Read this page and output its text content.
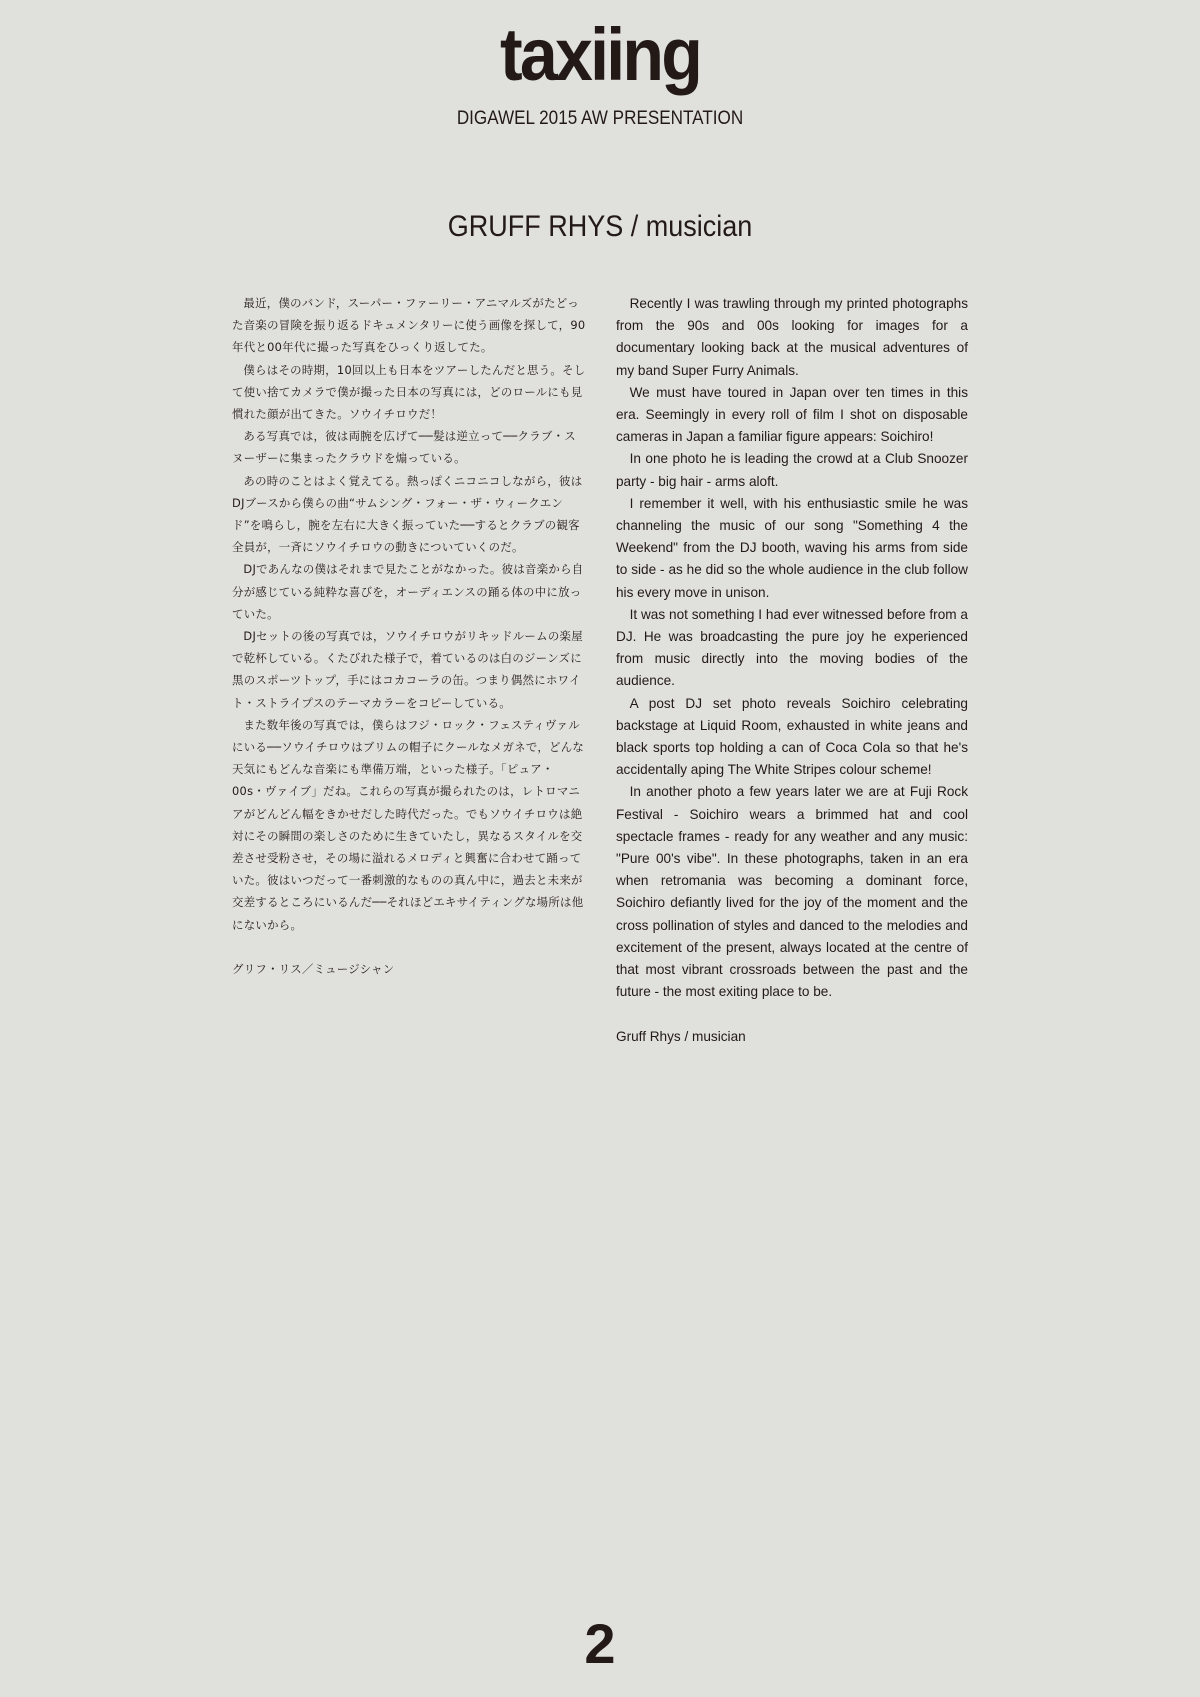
taxiing
DIGAWEL 2015 AW PRESENTATION
GRUFF RHYS / musician

最近，僕のバンド，スーパー・ファーリー・アニマルズがたどった音楽の冒険を振り返るドキュメンタリーに使う画像を探して，90年代と00年代に撮った写真をひっくり返してた。

僕らはその時期，10回以上も日本をツアーしたんだと思う。そして使い捨てカメラで僕が撮った日本の写真には，どのロールにも見慣れた顔が出てきた。ソウイチロウだ！

ある写真では，彼は両腕を広げて──髪は逆立って──クラブ・スヌーザーに集まったクラウドを煽っている。

あの時のことはよく覚えてる。熱っぽくニコニコしながら，彼はDJブースから僕らの曲“サムシング・フォー・ザ・ウィークエンド”を鳴らし，腕を左右に大きく振っていた──するとクラブの観客全員が，一斉にソウイチロウの動きについていくのだ。

DJであんなの僕はそれまで見たことがなかった。彼は音楽から自分が感じている純粋な喜びを，オーディエンスの踊る体の中に放っていた。

DJセットの後の写真では，ソウイチロウがリキッドルームの楽屋で乾杯している。くたびれた様子で，着ているのは白のジーンズに黒のスポーツトップ，手にはコカコーラの缶。つまり偶然にホワイト・ストライプスのテーマカラーをコピーしている。

また数年後の写真では，僕らはフジ・ロック・フェスティヴァルにいる──ソウイチロウはブリムの帽子にクールなメガネで，どんな天気にもどんな音楽にも準備万端，といった様子。「ピュア・00s・ヴァイブ」だね。これらの写真が撮られたのは，レトロマニアがどんどん幅をきかせだした時代だった。でもソウイチロウは絶対にその瞬間の楽しさのために生きていたし，異なるスタイルを交差させ受粉させ，その場に溢れるメロディと興奮に合わせて踊っていた。彼はいつだって一番刺激的なものの真ん中に，過去と未来が交差するところにいるんだ──それほどエキサイティングな場所は他にないから。

グリフ・リス／ミュージシャン

Recently I was trawling through my printed photographs from the 90s and 00s looking for images for a documentary looking back at the musical adventures of my band Super Furry Animals.

We must have toured in Japan over ten times in this era. Seemingly in every roll of film I shot on disposable cameras in Japan a familiar figure appears: Soichiro!

In one photo he is leading the crowd at a Club Snoozer party - big hair - arms aloft.

I remember it well, with his enthusiastic smile he was channeling the music of our song "Something 4 the Weekend" from the DJ booth, waving his arms from side to side - as he did so the whole audience in the club follow his every move in unison.

It was not something I had ever witnessed before from a DJ. He was broadcasting the pure joy he experienced from music directly into the moving bodies of the audience.

A post DJ set photo reveals Soichiro celebrating backstage at Liquid Room, exhausted in white jeans and black sports top holding a can of Coca Cola so that he's accidentally aping The White Stripes colour scheme!

In another photo a few years later we are at Fuji Rock Festival - Soichiro wears a brimmed hat and cool spectacle frames - ready for any weather and any music: "Pure 00's vibe". In these photographs, taken in an era when retromania was becoming a dominant force, Soichiro defiantly lived for the joy of the moment and the cross pollination of styles and danced to the melodies and excitement of the present, always located at the centre of that most vibrant crossroads between the past and the future - the most exiting place to be.

Gruff Rhys / musician

2
